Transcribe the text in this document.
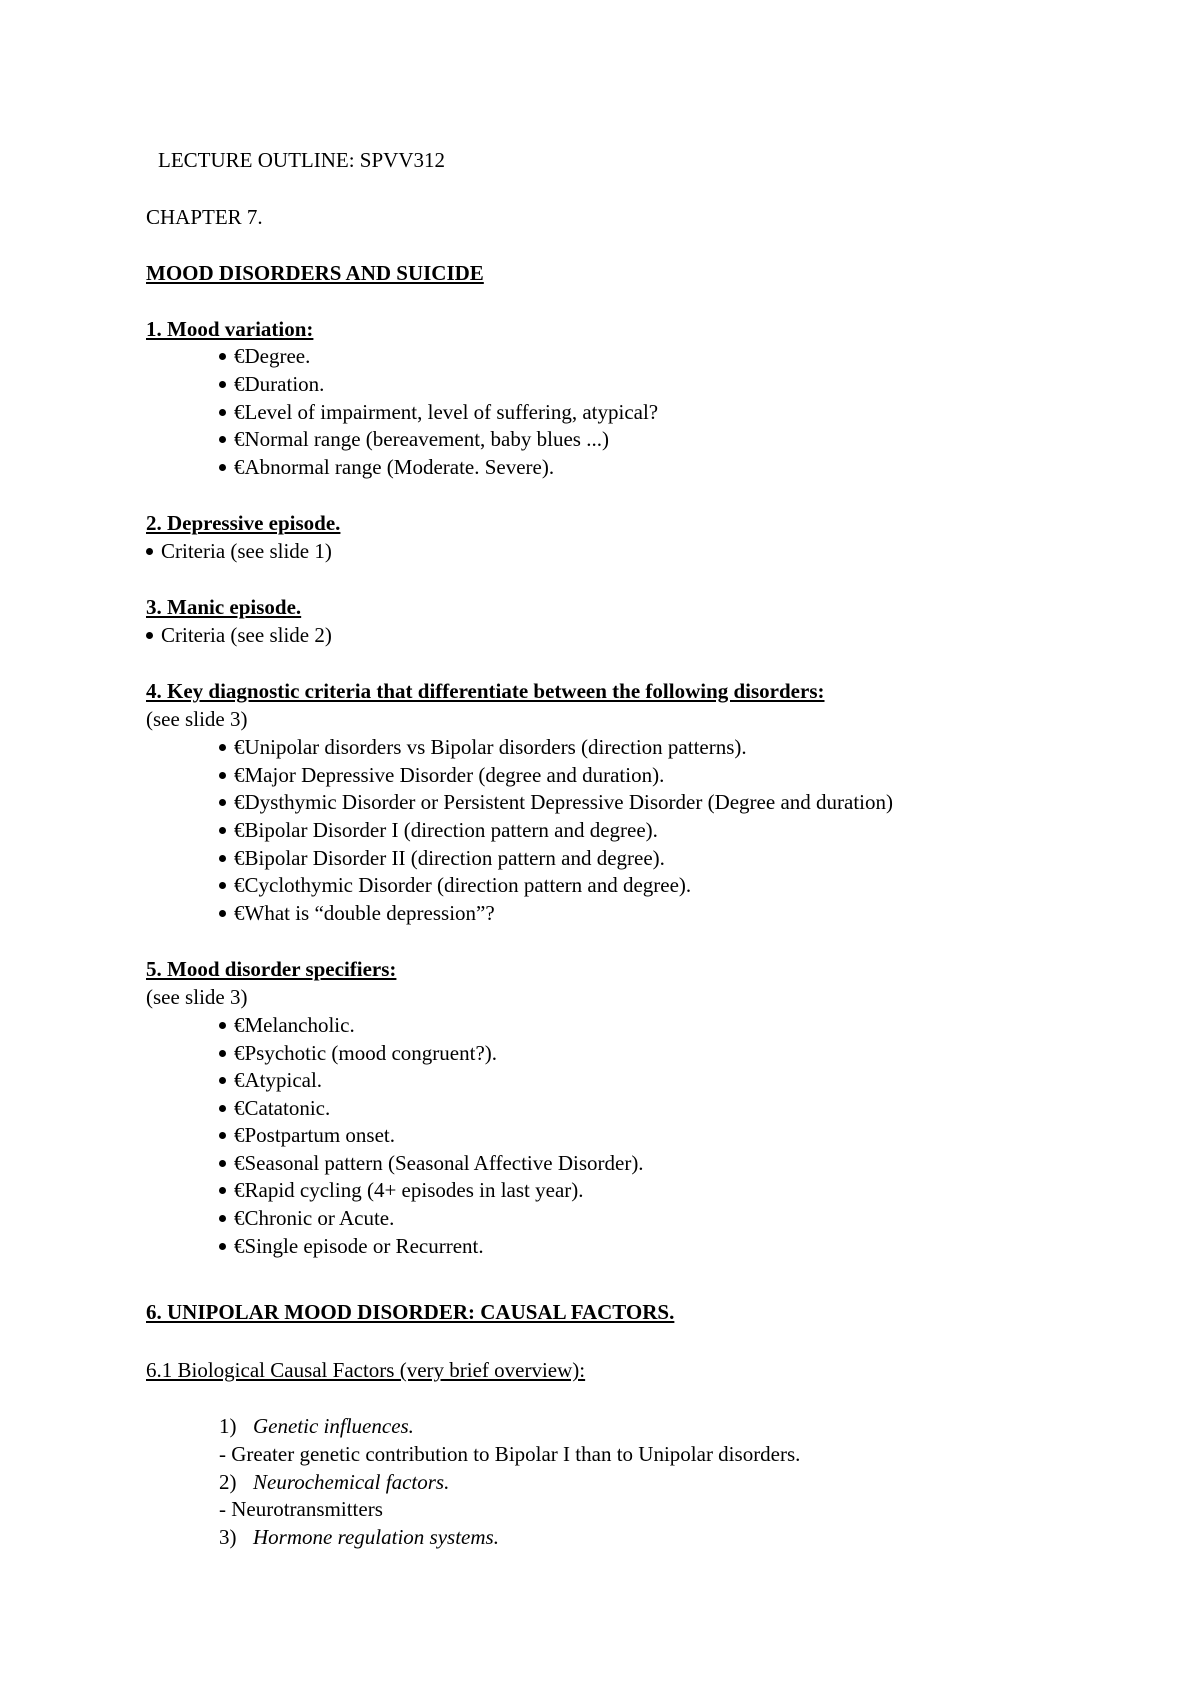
LECTURE OUTLINE: SPVV312
CHAPTER 7.
MOOD DISORDERS AND SUICIDE
1. Mood variation:
€Degree.
€Duration.
€Level of impairment, level of suffering, atypical?
€Normal range (bereavement, baby blues ...)
€Abnormal range (Moderate. Severe).
2. Depressive episode.
Criteria (see slide 1)
3. Manic episode.
Criteria (see slide 2)
4. Key diagnostic criteria that differentiate between the following disorders:
(see slide 3)
€Unipolar disorders vs Bipolar disorders (direction patterns).
€Major Depressive Disorder (degree and duration).
€Dysthymic Disorder or Persistent Depressive Disorder (Degree and duration)
€Bipolar Disorder I (direction pattern and degree).
€Bipolar Disorder II (direction pattern and degree).
€Cyclothymic Disorder (direction pattern and degree).
€What is “double depression”?
5. Mood disorder specifiers:
(see slide 3)
€Melancholic.
€Psychotic (mood congruent?).
€Atypical.
€Catatonic.
€Postpartum onset.
€Seasonal pattern (Seasonal Affective Disorder).
€Rapid cycling (4+ episodes in last year).
€Chronic or Acute.
€Single episode or Recurrent.
6. UNIPOLAR MOOD DISORDER: CAUSAL FACTORS.
6.1 Biological Causal Factors (very brief overview):
1) Genetic influences.
- Greater genetic contribution to Bipolar I than to Unipolar disorders.
2) Neurochemical factors.
- Neurotransmitters
3) Hormone regulation systems.
